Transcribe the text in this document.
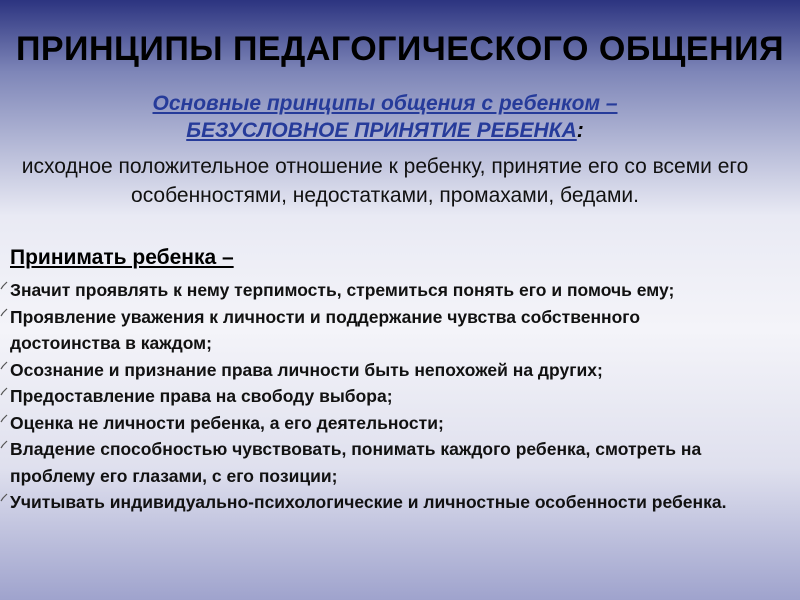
ПРИНЦИПЫ ПЕДАГОГИЧЕСКОГО ОБЩЕНИЯ
Основные принципы общения с ребенком –
БЕЗУСЛОВНОЕ ПРИНЯТИЕ РЕБЕНКА:
исходное положительное отношение к ребенку, принятие его со всеми его особенностями, недостатками, промахами, бедами.
Принимать ребенка –
Значит проявлять к нему терпимость, стремиться понять его и помочь ему;
Проявление уважения к личности и поддержание чувства собственного достоинства в каждом;
Осознание и признание права личности быть непохожей на других;
Предоставление права на свободу выбора;
Оценка не личности ребенка, а его деятельности;
Владение способностью чувствовать, понимать каждого ребенка, смотреть на проблему его глазами, с его позиции;
Учитывать индивидуально-психологические и личностные особенности ребенка.
